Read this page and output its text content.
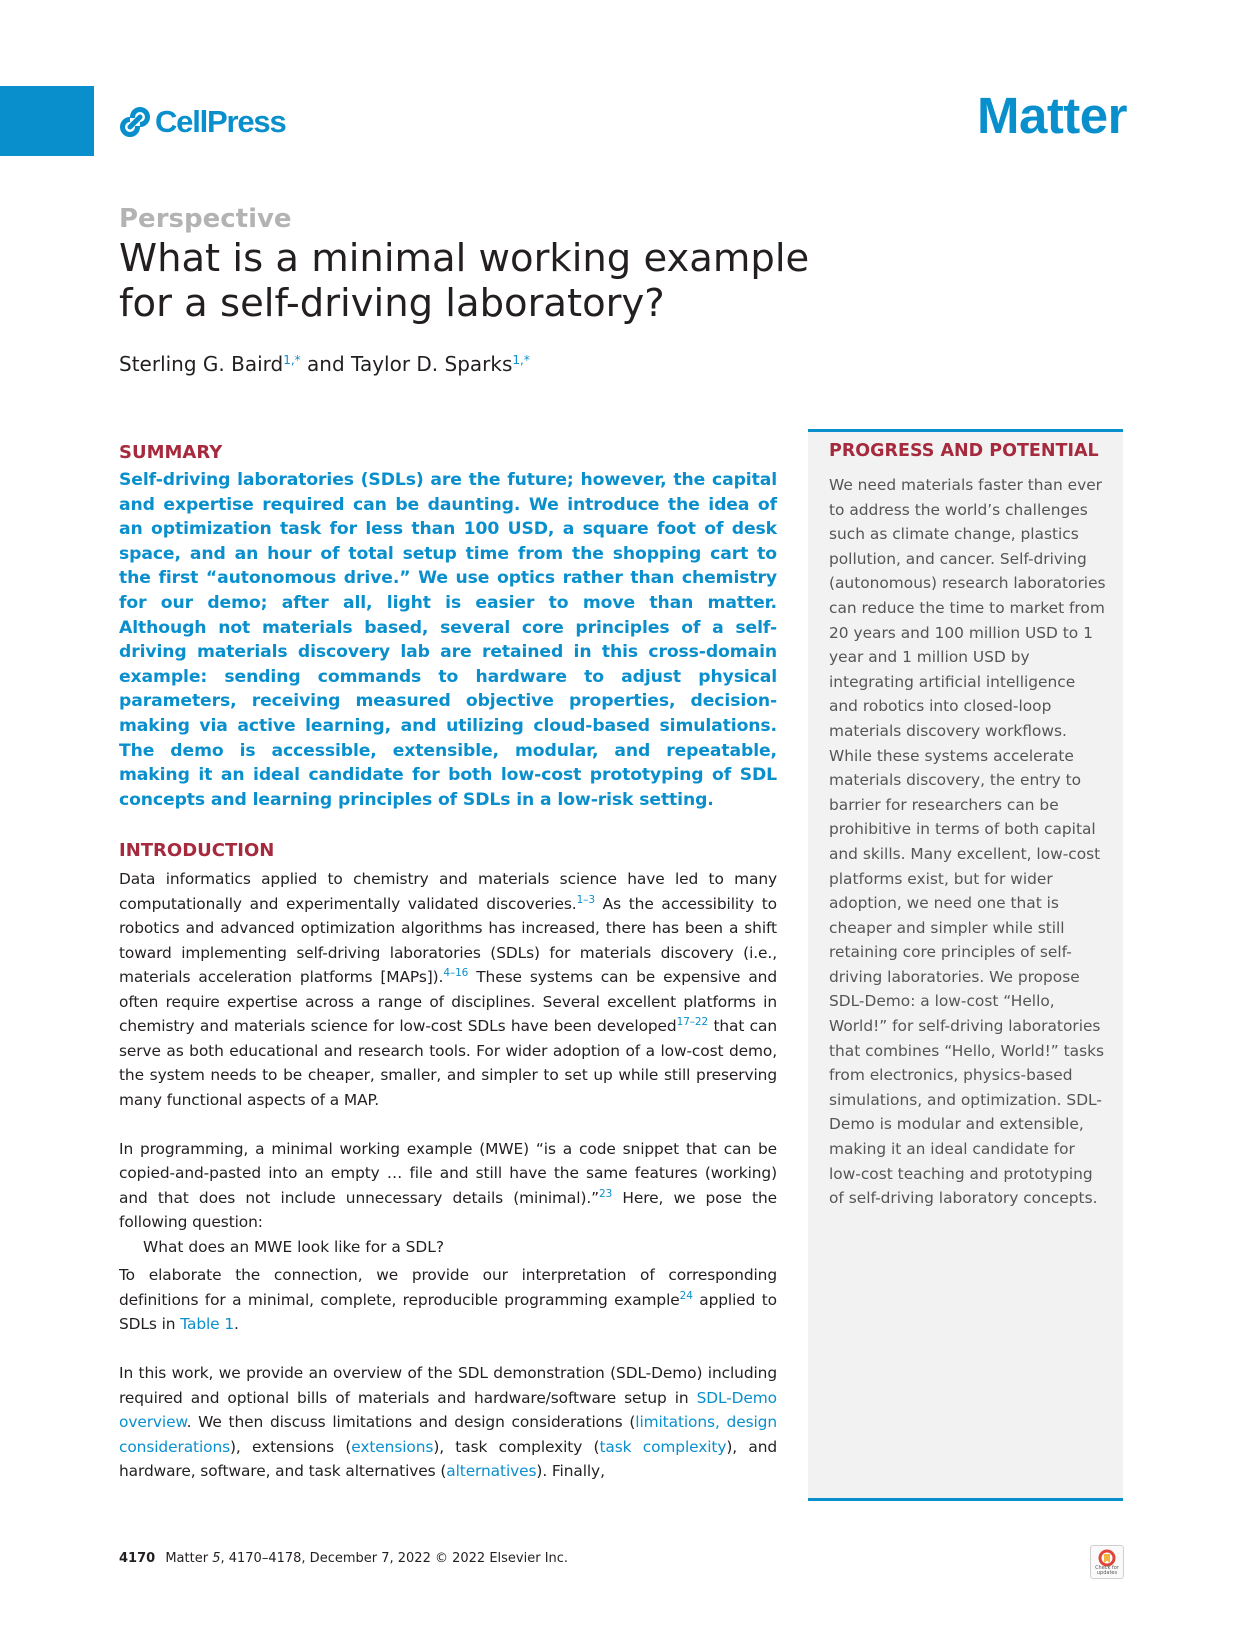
CellPress	Matter
Perspective
What is a minimal working example
for a self-driving laboratory?
Sterling G. Baird$^{1,*}$ and Taylor D. Sparks$^{1,*}$
SUMMARY

Self-driving laboratories (SDLs) are the future; however, the capital and expertise required can be daunting. We introduce the idea of an optimization task for less than 100 USD, a square foot of desk space, and an hour of total setup time from the shopping cart to the first “autonomous drive.” We use optics rather than chemistry for our demo; after all, light is easier to move than matter. Although not materials based, several core principles of a self-driving materials discovery lab are retained in this cross-domain example: sending commands to hardware to adjust physical parameters, receiving measured objective properties, decision-making via active learning, and utilizing cloud-based simulations. The demo is accessible, extensible, modular, and repeatable, making it an ideal candidate for both low-cost prototyping of SDL concepts and learning principles of SDLs in a low-risk setting.

INTRODUCTION

Data informatics applied to chemistry and materials science have led to many computationally and experimentally validated discoveries.$^{1-3}$ As the accessibility to robotics and advanced optimization algorithms has increased, there has been a shift toward implementing self-driving laboratories (SDLs) for materials discovery (i.e., materials acceleration platforms [MAPs]).$^{4-16}$ These systems can be expensive and often require expertise across a range of disciplines. Several excellent platforms in chemistry and materials science for low-cost SDLs have been developed$^{17-22}$ that can serve as both educational and research tools. For wider adoption of a low-cost demo, the system needs to be cheaper, smaller, and simpler to set up while still preserving many functional aspects of a MAP.

In programming, a minimal working example (MWE) “is a code snippet that can be copied-and-pasted into an empty … file and still have the same features (working) and that does not include unnecessary details (minimal).”$^{23}$ Here, we pose the following question:

What does an MWE look like for a SDL?

To elaborate the connection, we provide our interpretation of corresponding definitions for a minimal, complete, reproducible programming example$^{24}$ applied to SDLs in Table 1.

In this work, we provide an overview of the SDL demonstration (SDL-Demo) including required and optional bills of materials and hardware/software setup in SDL-Demo overview. We then discuss limitations and design considerations (limitations, design considerations), extensions (extensions), task complexity (task complexity), and hardware, software, and task alternatives (alternatives). Finally,

PROGRESS AND POTENTIAL

We need materials faster than ever to address the world’s challenges such as climate change, plastics pollution, and cancer. Self-driving (autonomous) research laboratories can reduce the time to market from 20 years and 100 million USD to 1 year and 1 million USD by integrating artificial intelligence and robotics into closed-loop materials discovery workflows. While these systems accelerate materials discovery, the entry to barrier for researchers can be prohibitive in terms of both capital and skills. Many excellent, low-cost platforms exist, but for wider adoption, we need one that is cheaper and simpler while still retaining core principles of self-driving laboratories. We propose SDL-Demo: a low-cost “Hello, World!” for self-driving laboratories that combines “Hello, World!” tasks from electronics, physics-based simulations, and optimization. SDL-Demo is modular and extensible, making it an ideal candidate for low-cost teaching and prototyping of self-driving laboratory concepts.

4170 Matter 5, 4170–4178, December 7, 2022 © 2022 Elsevier Inc.
Check for updates
